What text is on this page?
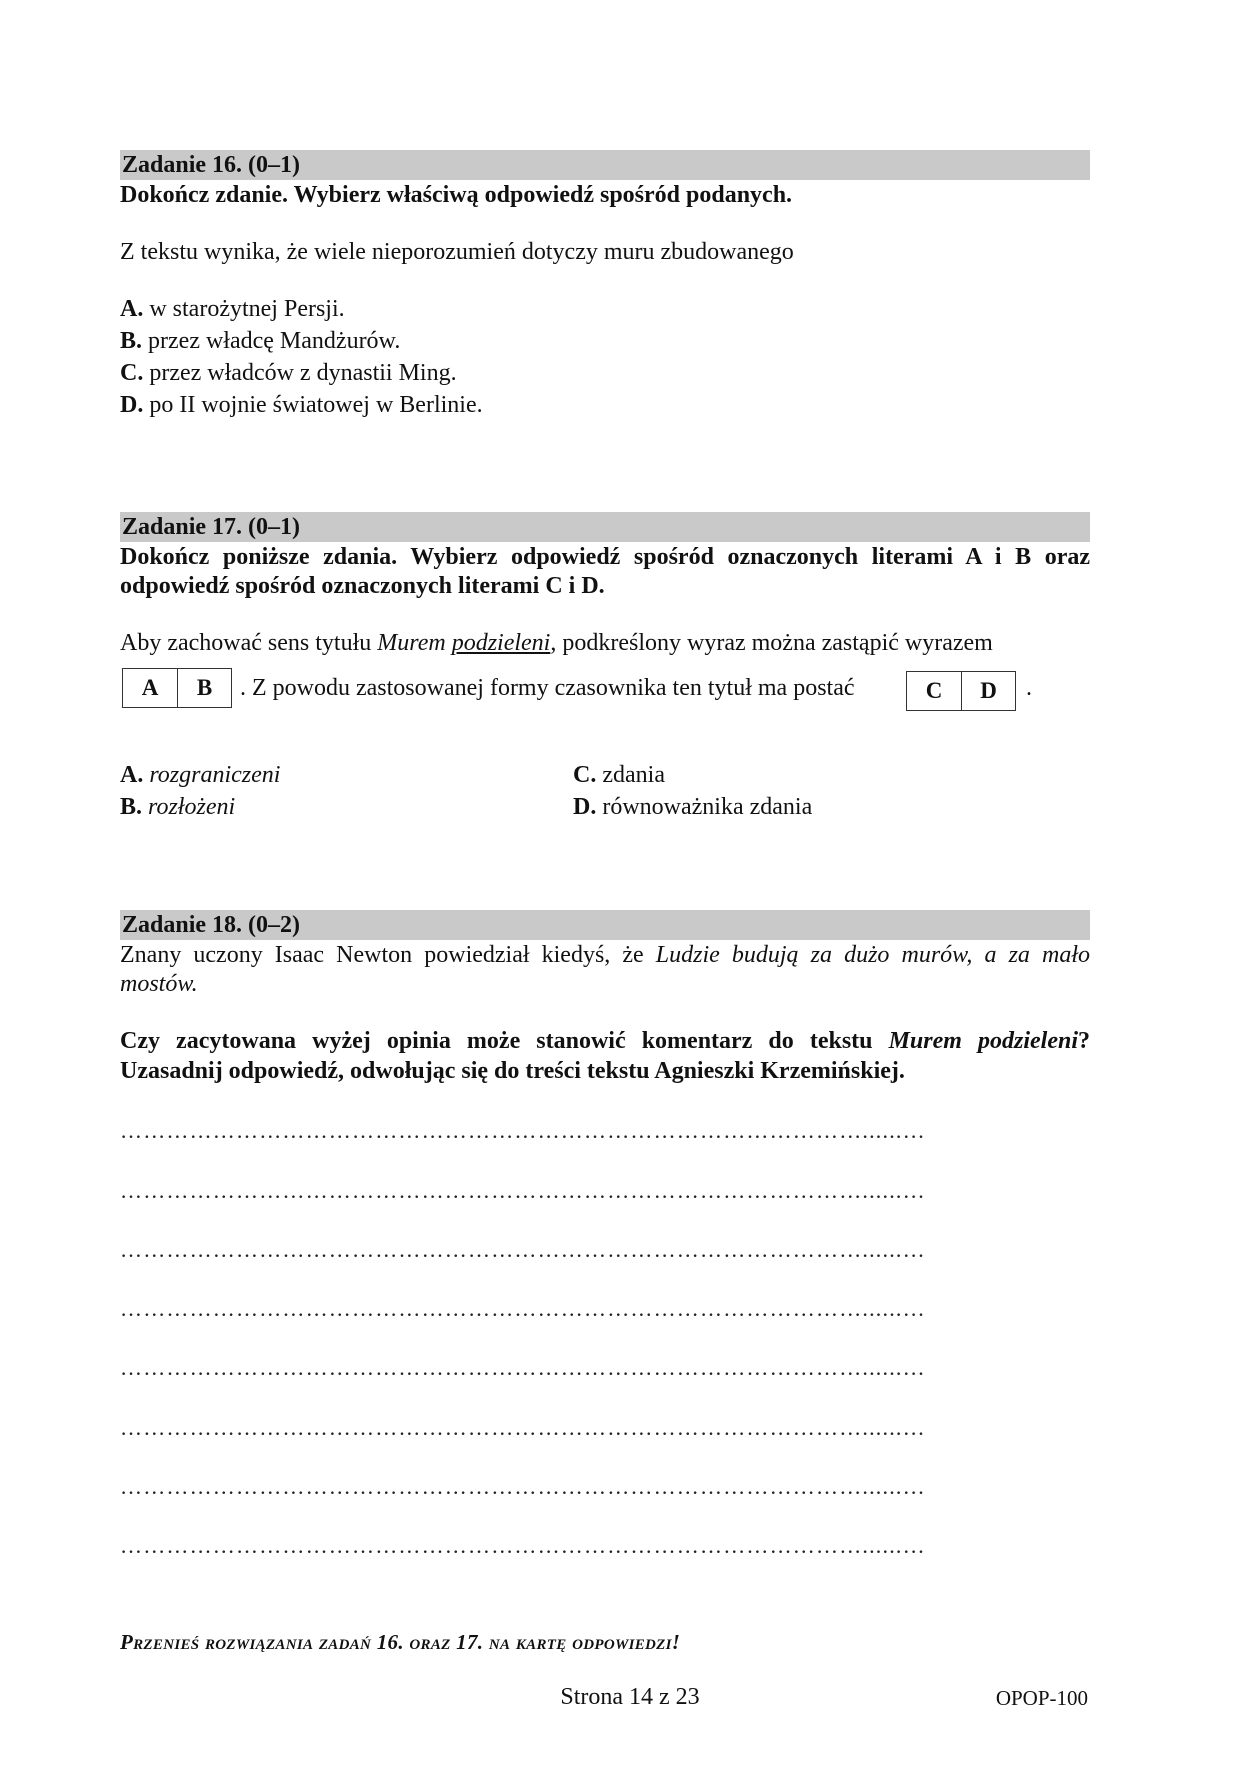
Zadanie 16. (0–1)
Dokończ zdanie. Wybierz właściwą odpowiedź spośród podanych.
Z tekstu wynika, że wiele nieporozumień dotyczy muru zbudowanego
A. w starożytnej Persji.
B. przez władcę Mandżurów.
C. przez władców z dynastii Ming.
D. po II wojnie światowej w Berlinie.
Zadanie 17. (0–1)
Dokończ poniższe zdania. Wybierz odpowiedź spośród oznaczonych literami A i B oraz
odpowiedź spośród oznaczonych literami C i D.
Aby zachować sens tytułu Murem podzieleni, podkreślony wyraz można zastąpić wyrazem
A	B	. Z powodu zastosowanej formy czasownika ten tytuł ma postać	C	D	.
A. rozgraniczeni
B. rozłożeni
C. zdania
D. równoważnika zdania
Zadanie 18. (0–2)
Znany uczony Isaac Newton powiedział kiedyś, że Ludzie budują za dużo murów, a za mało
mostów.
Czy zacytowana wyżej opinia może stanowić komentarz do tekstu Murem podzieleni?
Uzasadnij odpowiedź, odwołując się do treści tekstu Agnieszki Krzemińskiej.
……………………………………………………………………………………......…
……………………………………………………………………………………......…
……………………………………………………………………………………......…
……………………………………………………………………………………......…
……………………………………………………………………………………......…
……………………………………………………………………………………......…
……………………………………………………………………………………......…
……………………………………………………………………………………......…
Przenieś rozwiązania zadań 16. oraz 17. na kartę odpowiedzi!
Strona 14 z 23	OPOP-100
